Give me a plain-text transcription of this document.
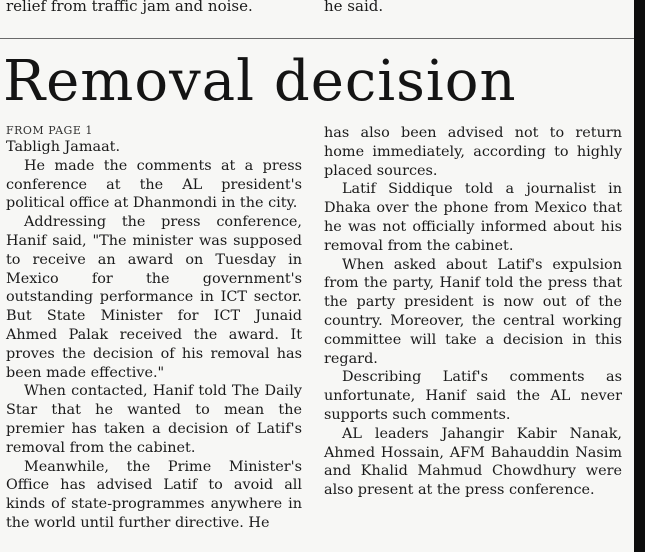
relief from traffic jam and noise.	he said.
Removal decision
FROM PAGE 1

Tabligh Jamaat.

He made the comments at a press conference at the AL president's political office at Dhanmondi in the city.

Addressing the press conference, Hanif said, "The minister was supposed to receive an award on Tuesday in Mexico for the government's outstanding performance in ICT sector. But State Minister for ICT Junaid Ahmed Palak received the award. It proves the decision of his removal has been made effective."

When contacted, Hanif told The Daily Star that he wanted to mean the premier has taken a decision of Latif's removal from the cabinet.

Meanwhile, the Prime Minister's Office has advised Latif to avoid all kinds of state-programmes anywhere in the world until further directive. He

has also been advised not to return home immediately, according to highly placed sources.

Latif Siddique told a journalist in Dhaka over the phone from Mexico that he was not officially informed about his removal from the cabinet.

When asked about Latif's expulsion from the party, Hanif told the press that the party president is now out of the country. Moreover, the central working committee will take a decision in this regard.

Describing Latif's comments as unfortunate, Hanif said the AL never supports such comments.

AL leaders Jahangir Kabir Nanak, Ahmed Hossain, AFM Bahauddin Nasim and Khalid Mahmud Chowdhury were also present at the press conference.
